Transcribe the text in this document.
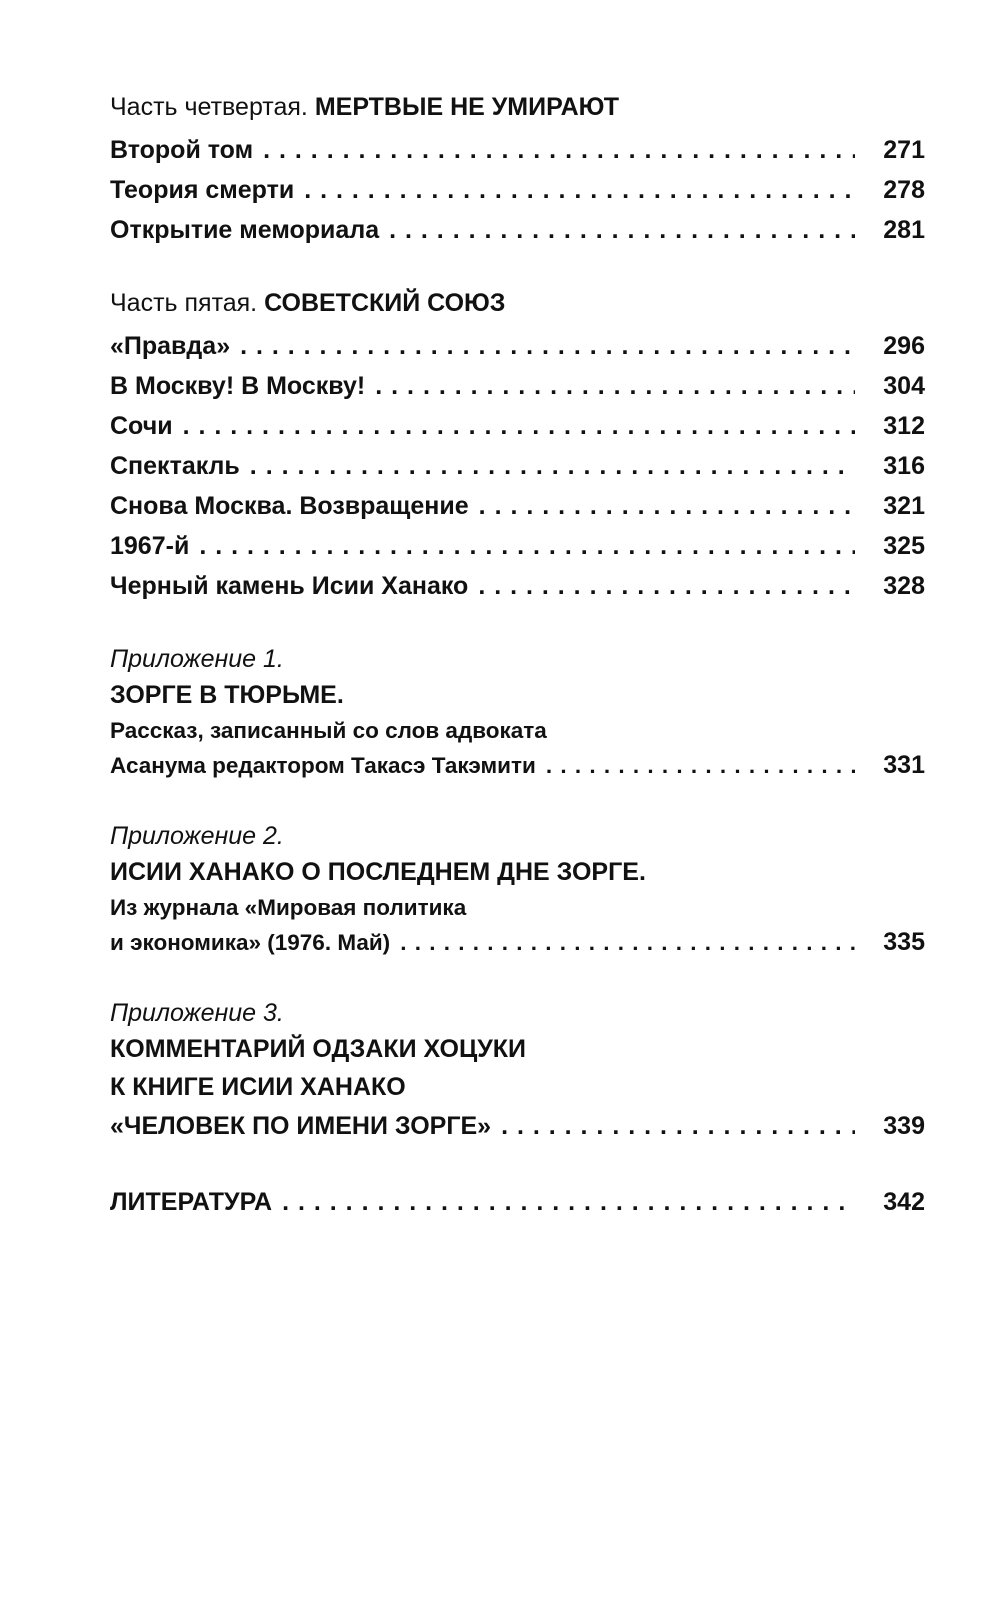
Часть четвертая. МЕРТВЫЕ НЕ УМИРАЮТ
Второй том . . .	271
Теория смерти . . .	278
Открытие мемориала . . .	281
Часть пятая. СОВЕТСКИЙ СОЮЗ
«Правда» . . .	296
В Москву! В Москву! . . .	304
Сочи . . .	312
Спектакль . . .	316
Снова Москва. Возвращение . . .	321
1967-й . . .	325
Черный камень Исии Ханако . . .	328
Приложение 1.
ЗОРГЕ В ТЮРЬМЕ.
Рассказ, записанный со слов адвоката
Асанума редактором Такасэ Такэмити . . .	331
Приложение 2.
ИСИИ ХАНАКО О ПОСЛЕДНЕМ ДНЕ ЗОРГЕ.
Из журнала «Мировая политика
и экономика» (1976. Май) . . .	335
Приложение 3.
КОММЕНТАРИЙ ОДЗАКИ ХОЦУКИ
К КНИГЕ ИСИИ ХАНАКО
«ЧЕЛОВЕК ПО ИМЕНИ ЗОРГЕ» . . .	339
ЛИТЕРАТУРА . . .	342
